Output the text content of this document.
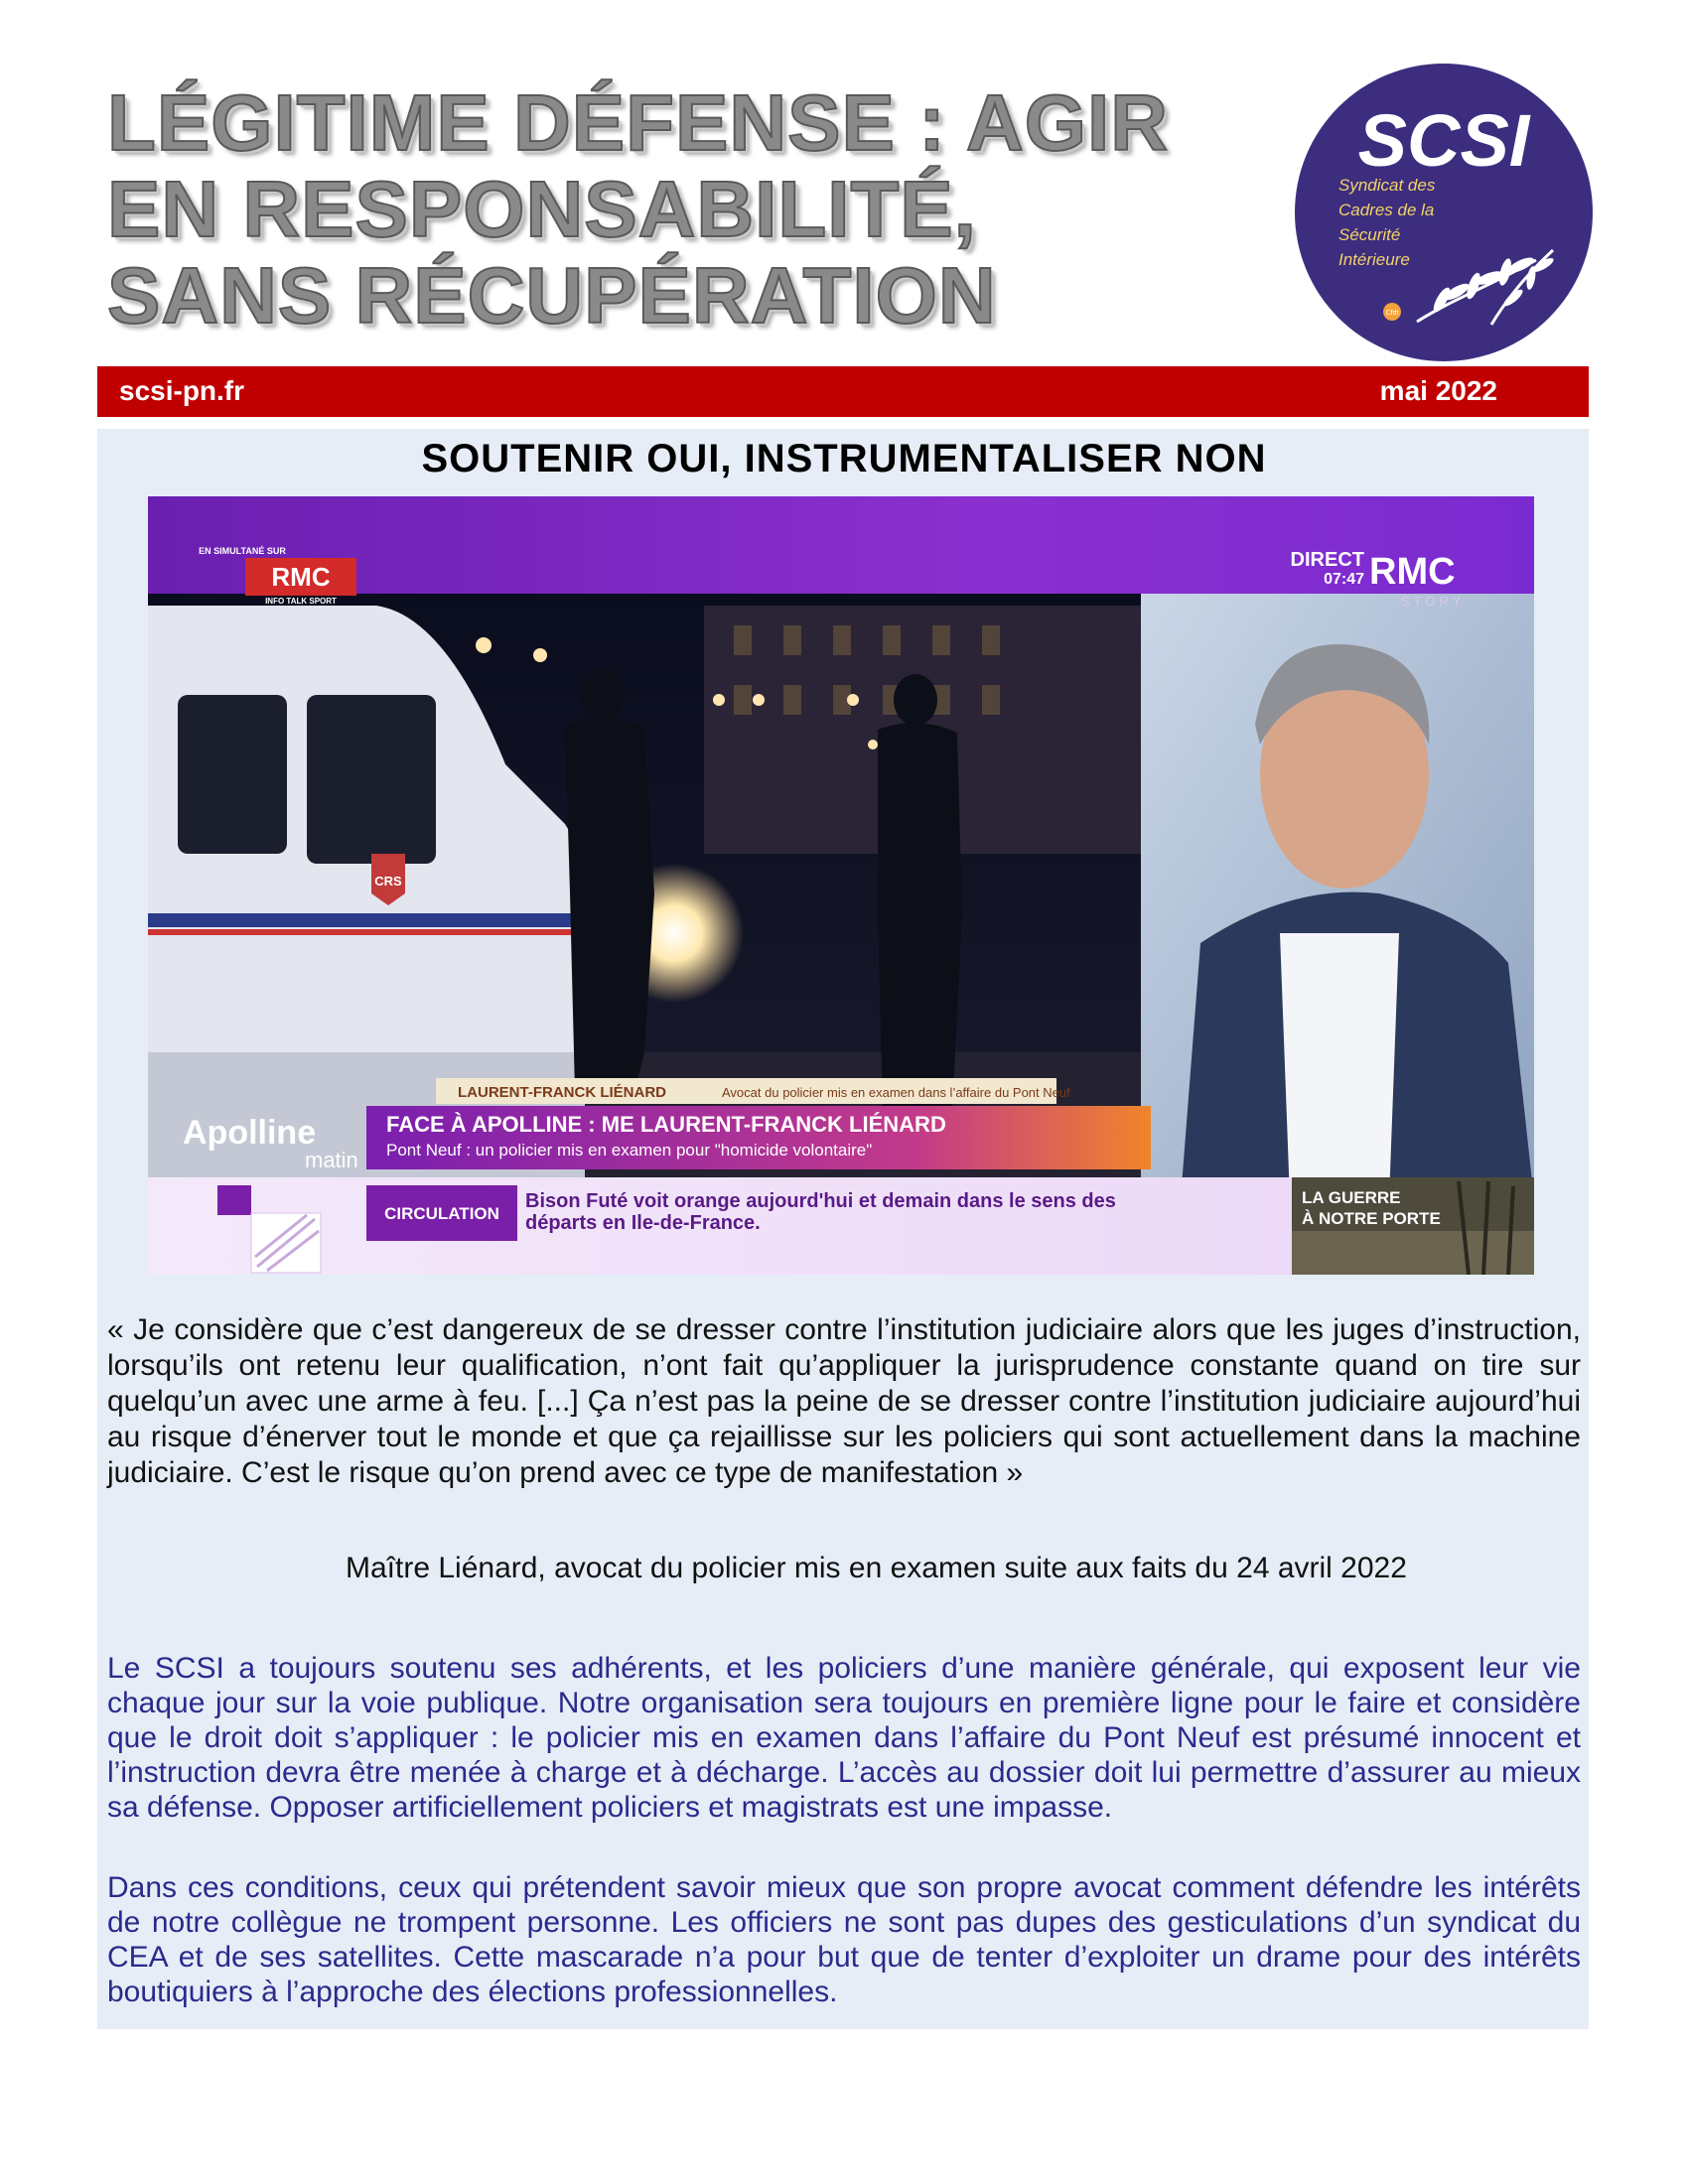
LÉGITIME DÉFENSE : AGIR
EN RESPONSABILITÉ,
SANS RÉCUPÉRATION
SCSI
Syndicat des
Cadres de la
Sécurité
Intérieure
Cfdt
scsi-pn.fr	mai 2022
SOUTENIR OUI, INSTRUMENTALISER NON
CRS
EN SIMULTANÉ SUR
RMC
INFO TALK SPORT
DIRECT
07:47 RMC
STORY
LAURENT-FRANCK LIÉNARD	Avocat du policier mis en examen dans l’affaire du Pont Neuf
FACE À APOLLINE : ME LAURENT-FRANCK LIÉNARD
Pont Neuf : un policier mis en examen pour "homicide volontaire"
Apolline
matin
CIRCULATION
Bison Futé voit orange aujourd'hui et demain dans le sens des
départs en Ile-de-France.
LA GUERRE
À NOTRE PORTE
« Je considère que c’est dangereux de se dresser contre l’institution judiciaire alors que les juges d’instruction, lorsqu’ils ont retenu leur qualification, n’ont fait qu’appliquer la jurisprudence constante quand on tire sur quelqu’un avec une arme à feu. [...] Ça n’est pas la peine de se dresser contre l’institution judiciaire aujourd’hui au risque d’énerver tout le monde et que ça rejaillisse sur les policiers qui sont actuellement dans la machine judiciaire. C’est le risque qu’on prend avec ce type de manifestation »
Maître Liénard, avocat du policier mis en examen suite aux faits du 24 avril 2022
Le SCSI a toujours soutenu ses adhérents, et les policiers d’une manière générale, qui exposent leur vie chaque jour sur la voie publique. Notre organisation sera toujours en première ligne pour le faire et considère que le droit doit s’appliquer : le policier mis en examen dans l’affaire du Pont Neuf est présumé innocent et l’instruction devra être menée à charge et à décharge. L’accès au dossier doit lui permettre d’assurer au mieux sa défense. Opposer artificiellement policiers et magistrats est une impasse.
Dans ces conditions, ceux qui prétendent savoir mieux que son propre avocat comment défendre les intérêts de notre collègue ne trompent personne. Les officiers ne sont pas dupes des gesticulations d’un syndicat du CEA et de ses satellites. Cette mascarade n’a pour but que de tenter d’exploiter un drame pour des intérêts boutiquiers à l’approche des élections professionnelles.
